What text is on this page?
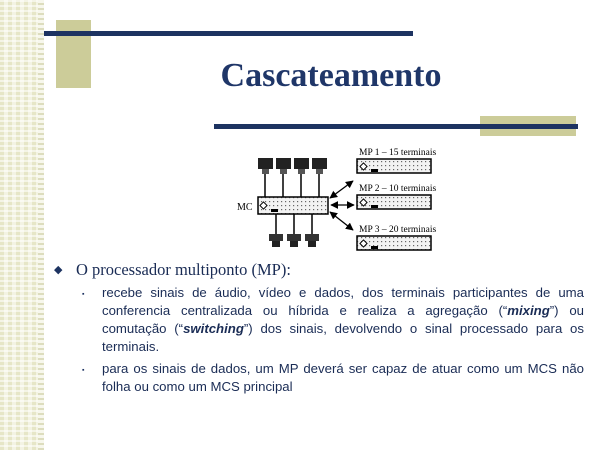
Cascateamento
MC
MP 1 – 15 terminais
MP 2 – 10 terminais
MP 3 – 20 terminais
◆ O processador multiponto (MP):
▪	recebe sinais de áudio, vídeo e dados, dos terminais participantes de uma conferencia centralizada ou híbrida e realiza a agregação (“mixing”) ou comutação (“switching”) dos sinais, devolvendo o sinal processado para os terminais.

▪	para os sinais de dados, um MP deverá ser capaz de atuar como um MCS não folha ou como um MCS principal
